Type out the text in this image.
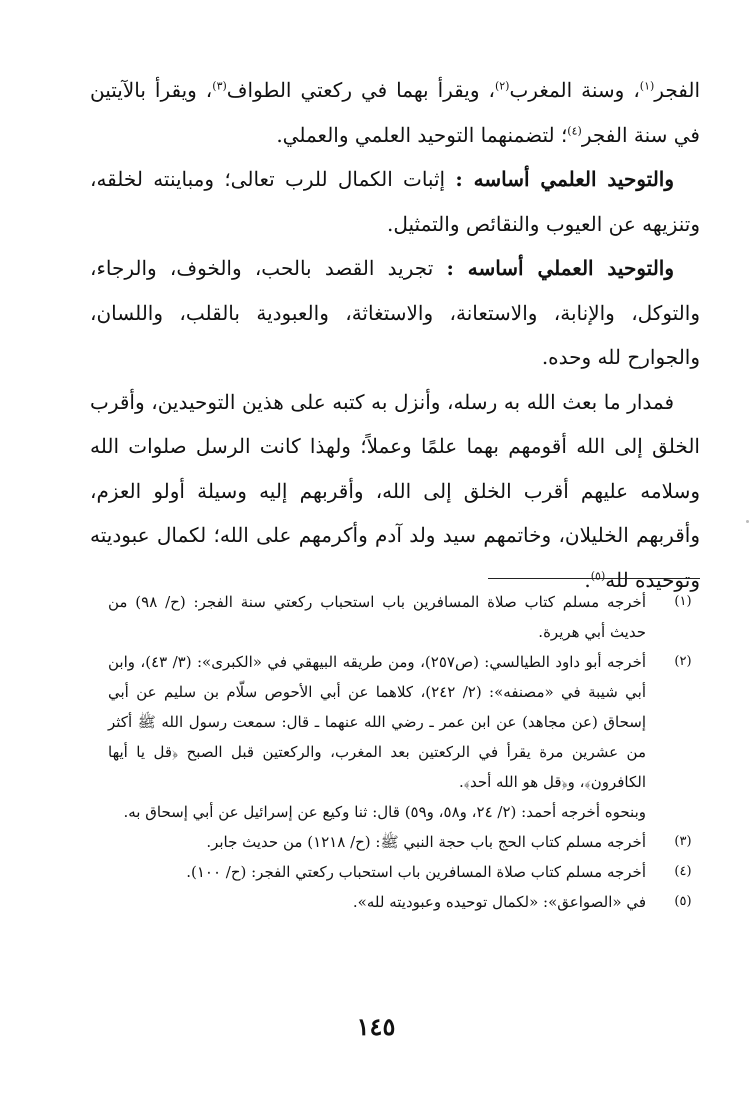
الفجر$^{(١)}$، وسنة المغرب$^{(٢)}$، ويقرأ بهما في ركعتي الطواف$^{(٣)}$، ويقرأ بالآيتين في سنة الفجر$^{(٤)}$؛ لتضمنهما التوحيد العلمي والعملي.

والتوحيد العلمي أساسه : إثبات الكمال للرب تعالى؛ ومباينته لخلقه، وتنزيهه عن العيوب والنقائص والتمثيل.

والتوحيد العملي أساسه : تجريد القصد بالحب، والخوف، والرجاء، والتوكل، والإنابة، والاستعانة، والاستغاثة، والعبودية بالقلب، واللسان، والجوارح لله وحده.

فمدار ما بعث الله به رسله، وأنزل به كتبه على هذين التوحيدين، وأقرب الخلق إلى الله أقومهم بهما علمًا وعملاً؛ ولهذا كانت الرسل صلوات الله وسلامه عليهم أقرب الخلق إلى الله، وأقربهم إليه وسيلة أولو العزم، وأقربهم الخليلان، وخاتمهم سيد ولد آدم وأكرمهم على الله؛ لكمال عبوديته وتوحيده لله$^{(٥)}$.

(١)
أخرجه مسلم كتاب صلاة المسافرين باب استحباب ركعتي سنة الفجر: (ح/ ٩٨) من حديث أبي هريرة.
(٢)
أخرجه أبو داود الطيالسي: (ص٢٥٧)، ومن طريقه البيهقي في «الكبرى»: (٣/ ٤٣)، وابن أبي شيبة في «مصنفه»: (٢/ ٢٤٢)، كلاهما عن أبي الأحوص سلّام بن سليم عن أبي إسحاق (عن مجاهد) عن ابن عمر ـ رضي الله عنهما ـ قال: سمعت رسول الله ﷺ أكثر من عشرين مرة يقرأ في الركعتين بعد المغرب، والركعتين قبل الصبح ﴿قل يا أيها الكافرون﴾، و﴿قل هو الله أحد﴾.
وبنحوه أخرجه أحمد: (٢/ ٢٤، و٥٨، و٥٩) قال: ثنا وكيع عن إسرائيل عن أبي إسحاق به.
(٣)
أخرجه مسلم كتاب الحج باب حجة النبي ﷺ: (ح/ ١٢١٨) من حديث جابر.
(٤)
أخرجه مسلم كتاب صلاة المسافرين باب استحباب ركعتي الفجر: (ح/ ١٠٠).
(٥)
في «الصواعق»: «لكمال توحيده وعبوديته لله».
١٤٥
